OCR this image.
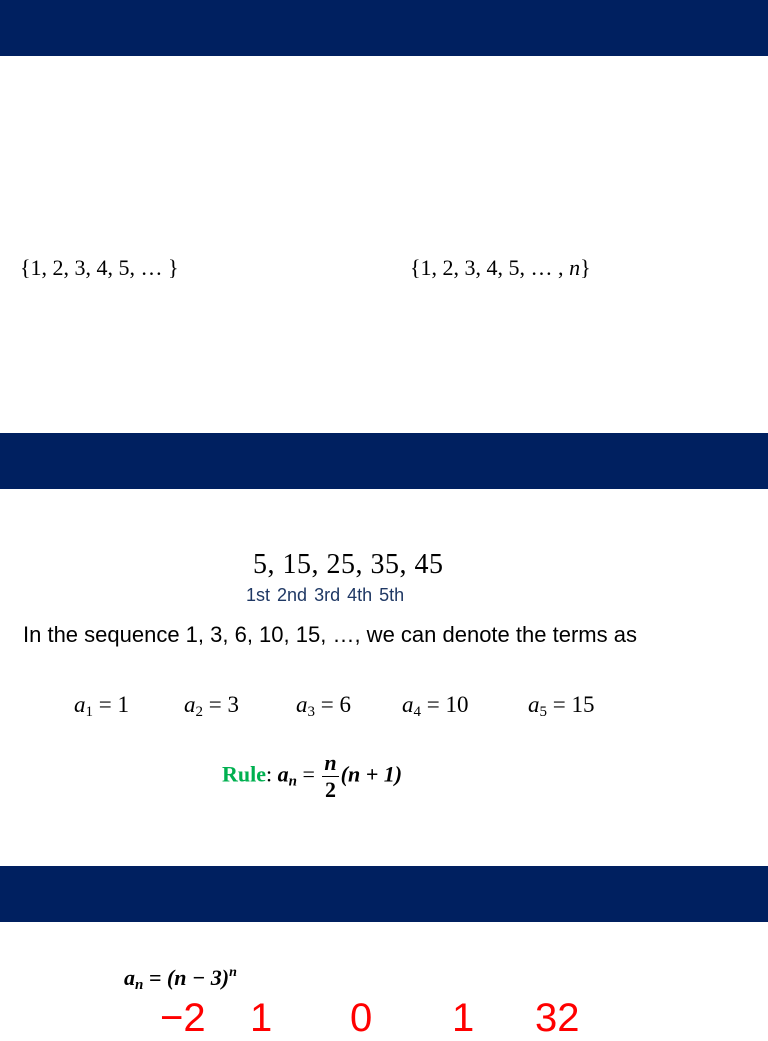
{1, 2, 3, 4, 5, … }	{1, 2, 3, 4, 5, … , n}
5, 15, 25, 35, 45
1st 2nd 3rd 4th 5th
In the sequence 1, 3, 6, 10, 15, …, we can denote the terms as
$a_1 = 1$ $a_2 = 3$ $a_3 = 6$ $a_4 = 10$	$a_5 = 15$
Rule: $a_n = \frac{n}{2} (n + 1)$
$a_n = (n - 3)^n$
−2 1 0 1 32
